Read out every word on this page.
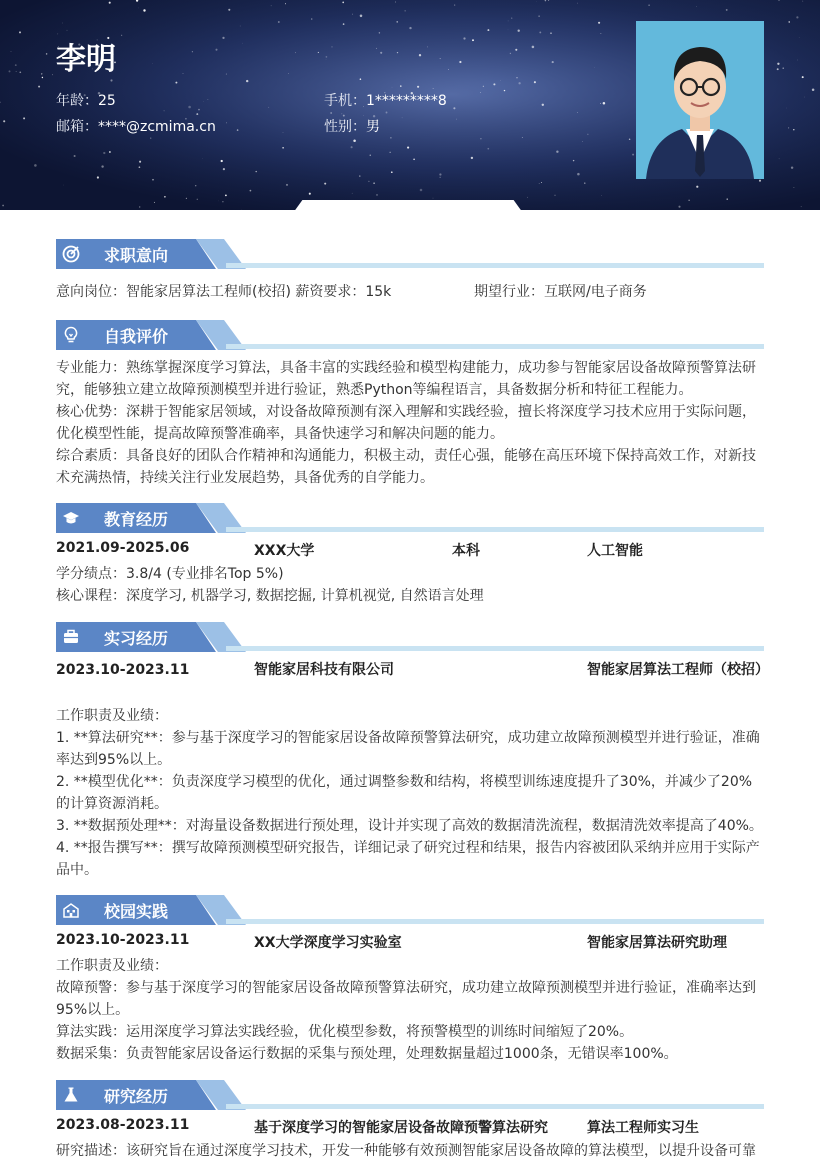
李明
年龄：25	手机：1*********8
邮箱：****@zcmima.cn	性别：男
求职意向
意向岗位：智能家居算法工程师(校招) 薪资要求：15k	期望行业：互联网/电子商务
自我评价
专业能力：熟练掌握深度学习算法，具备丰富的实践经验和模型构建能力，成功参与智能家居设备故障预警算法研究，能够独立建立故障预测模型并进行验证，熟悉Python等编程语言，具备数据分析和特征工程能力。
核心优势：深耕于智能家居领域，对设备故障预测有深入理解和实践经验，擅长将深度学习技术应用于实际问题，优化模型性能，提高故障预警准确率，具备快速学习和解决问题的能力。
综合素质：具备良好的团队合作精神和沟通能力，积极主动，责任心强，能够在高压环境下保持高效工作，对新技术充满热情，持续关注行业发展趋势，具备优秀的自学能力。
教育经历
2021.09-2025.06	XXX大学	本科	人工智能
学分绩点：3.8/4 (专业排名Top 5%)
核心课程：深度学习, 机器学习, 数据挖掘, 计算机视觉, 自然语言处理
实习经历
2023.10-2023.11	智能家居科技有限公司	智能家居算法工程师（校招）
工作职责及业绩：
1. **算法研究**：参与基于深度学习的智能家居设备故障预警算法研究，成功建立故障预测模型并进行验证，准确率达到95%以上。
2. **模型优化**：负责深度学习模型的优化，通过调整参数和结构，将模型训练速度提升了30%，并减少了20%的计算资源消耗。
3. **数据预处理**：对海量设备数据进行预处理，设计并实现了高效的数据清洗流程，数据清洗效率提高了40%。
4. **报告撰写**：撰写故障预测模型研究报告，详细记录了研究过程和结果，报告内容被团队采纳并应用于实际产品中。
校园实践
2023.10-2023.11	XX大学深度学习实验室	智能家居算法研究助理
工作职责及业绩：
故障预警：参与基于深度学习的智能家居设备故障预警算法研究，成功建立故障预测模型并进行验证，准确率达到95%以上。
算法实践：运用深度学习算法实践经验，优化模型参数，将预警模型的训练时间缩短了20%。
数据采集：负责智能家居设备运行数据的采集与预处理，处理数据量超过1000条，无错误率100%。
研究经历
2023.08-2023.11	基于深度学习的智能家居设备故障预警算法研究	算法工程师实习生
研究描述：该研究旨在通过深度学习技术，开发一种能够有效预测智能家居设备故障的算法模型，以提升设备可靠
